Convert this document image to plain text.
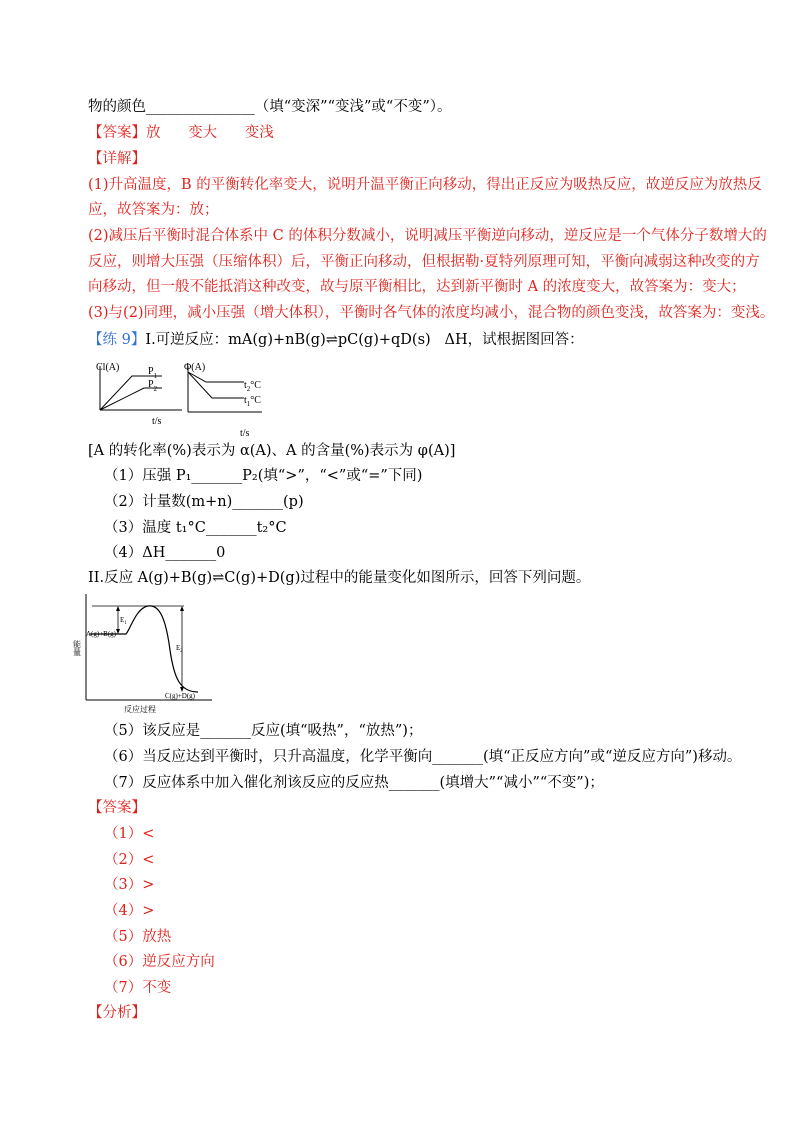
物的颜色_______________（填“变深”“变浅”或“不变”）。
【答案】放      变大      变浅
【详解】
(1)升高温度，B 的平衡转化率变大，说明升温平衡正向移动，得出正反应为吸热反应，故逆反应为放热反
应，故答案为：放；
(2)减压后平衡时混合体系中 C 的体积分数减小，说明减压平衡逆向移动，逆反应是一个气体分子数增大的
反应，则增大压强（压缩体积）后，平衡正向移动，但根据勒·夏特列原理可知，平衡向减弱这种改变的方
向移动，但一般不能抵消这种改变，故与原平衡相比，达到新平衡时 A 的浓度变大，故答案为：变大；
(3)与(2)同理，减小压强（增大体积），平衡时各气体的浓度均减小，混合物的颜色变浅，故答案为：变浅。
【练 9】I.可逆反应：mA(g)+nB(g)⇌pC(g)+qD(s)   ΔH，试根据图回答：
Cl(A)	$P_1$
$P_2$
t/s
Φ(A)
$t_2^\circ C$
$t_1^\circ C$
t/s
[A 的转化率(%)表示为 α(A)、A 的含量(%)表示为 φ(A)]
（1）压强 P₁_______P₂(填“>”，“<”或“=”下同)
（2）计量数(m+n)_______(p)
（3）温度 t₁°C_______t₂°C
（4）ΔH_______0
II.反应 A(g)+B(g)⇌C(g)+D(g)过程中的能量变化如图所示，回答下列问题。
A(g)+B(g)
$E_1$
$E_2$
C(g)+D(g)
能量
反应过程
（5）该反应是_______反应(填“吸热”，“放热”)；
（6）当反应达到平衡时，只升高温度，化学平衡向_______(填“正反应方向”或“逆反应方向”)移动。
（7）反应体系中加入催化剂该反应的反应热_______(填增大”“减小”“不变”)；
【答案】
（1）<
（2）<
（3）>
（4）>
（5）放热
（6）逆反应方向
（7）不变
【分析】
